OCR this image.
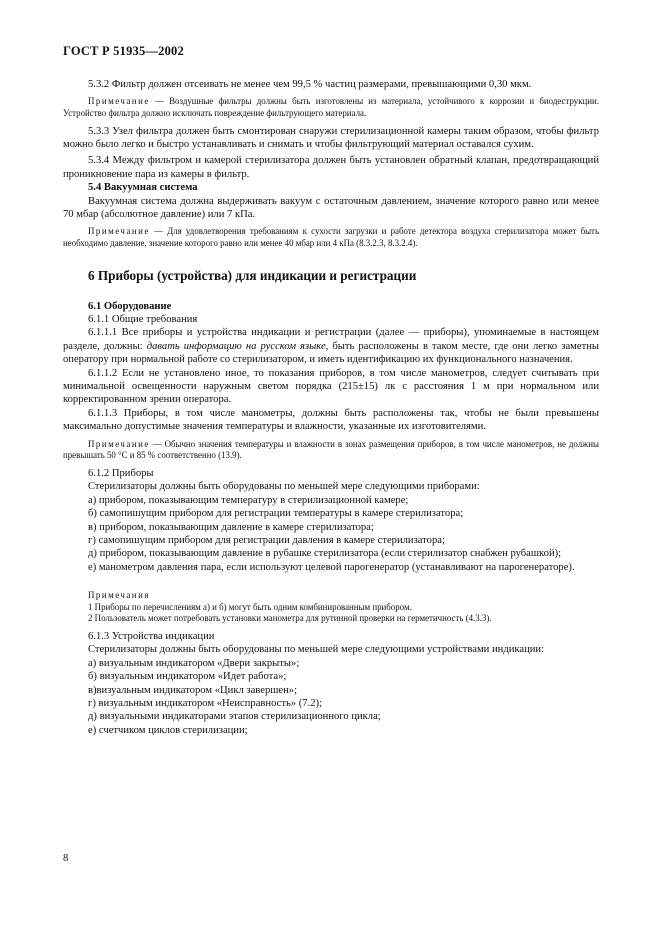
ГОСТ Р 51935—2002

5.3.2 Фильтр должен отсеивать не менее чем 99,5 % частиц размерами, превышающими 0,30 мкм.

Примечание — Воздушные фильтры должны быть изготовлены из материала, устойчивого к коррозии и биодеструкции. Устройство фильтра должно исключать повреждение фильтрующего материала.

5.3.3 Узел фильтра должен быть смонтирован снаружи стерилизационной камеры таким образом, чтобы фильтр можно было легко и быстро устанавливать и снимать и чтобы фильтрующий материал оставался сухим.

5.3.4 Между фильтром и камерой стерилизатора должен быть установлен обратный клапан, предотвращающий проникновение пара из камеры в фильтр.

5.4 Вакуумная система

Вакуумная система должна выдерживать вакуум с остаточным давлением, значение которого равно или менее 70 мбар (абсолютное давление) или 7 кПа.

Примечание — Для удовлетворения требованиям к сухости загрузки и работе детектора воздуха стерилизатора может быть необходимо давление, значение которого равно или менее 40 мбар или 4 кПа (8.3.2.3, 8.3.2.4).

6 Приборы (устройства) для индикации и регистрации

6.1 Оборудование

6.1.1 Общие требования

6.1.1.1 Все приборы и устройства индикации и регистрации (далее — приборы), упоминаемые в настоящем разделе, должны: давать информацию на русском языке, быть расположены в таком месте, где они легко заметны оператору при нормальной работе со стерилизатором, и иметь идентификацию их функционального назначения.

6.1.1.2 Если не установлено иное, то показания приборов, в том числе манометров, следует считывать при минимальной освещенности наружным светом порядка (215±15) лк с расстояния 1 м при нормальном или корректированном зрении оператора.

6.1.1.3 Приборы, в том числе манометры, должны быть расположены так, чтобы не были превышены максимально допустимые значения температуры и влажности, указанные их изготовителями.

Примечание — Обычно значения температуры и влажности в зонах размещения приборов, в том числе манометров, не должны превышать 50 °С и 85 % соответственно (13.9).

6.1.2 Приборы

Стерилизаторы должны быть оборудованы по меньшей мере следующими приборами:

а) прибором, показывающим температуру в стерилизационной камере;

б) самопишущим прибором для регистрации температуры в камере стерилизатора;

в) прибором, показывающим давление в камере стерилизатора;

г) самопишущим прибором для регистрации давления в камере стерилизатора;

д) прибором, показывающим давление в рубашке стерилизатора (если стерилизатор снабжен рубашкой);

е) манометром давления пара, если используют целевой парогенератор (устанавливают на парогенераторе).

Примечания

1 Приборы по перечислениям а) и б) могут быть одним комбинированным прибором.

2 Пользователь может потребовать установки манометра для рутинной проверки на герметичность (4.3.3).

6.1.3 Устройства индикации

Стерилизаторы должны быть оборудованы по меньшей мере следующими устройствами индикации:

а) визуальным индикатором «Двери закрыты»;

б) визуальным индикатором «Идет работа»;

в)визуальным индикатором «Цикл завершен»;

г) визуальным индикатором «Неисправность» (7.2);

д) визуальными индикаторами этапов стерилизационного цикла;

е) счетчиком циклов стерилизации;

8
